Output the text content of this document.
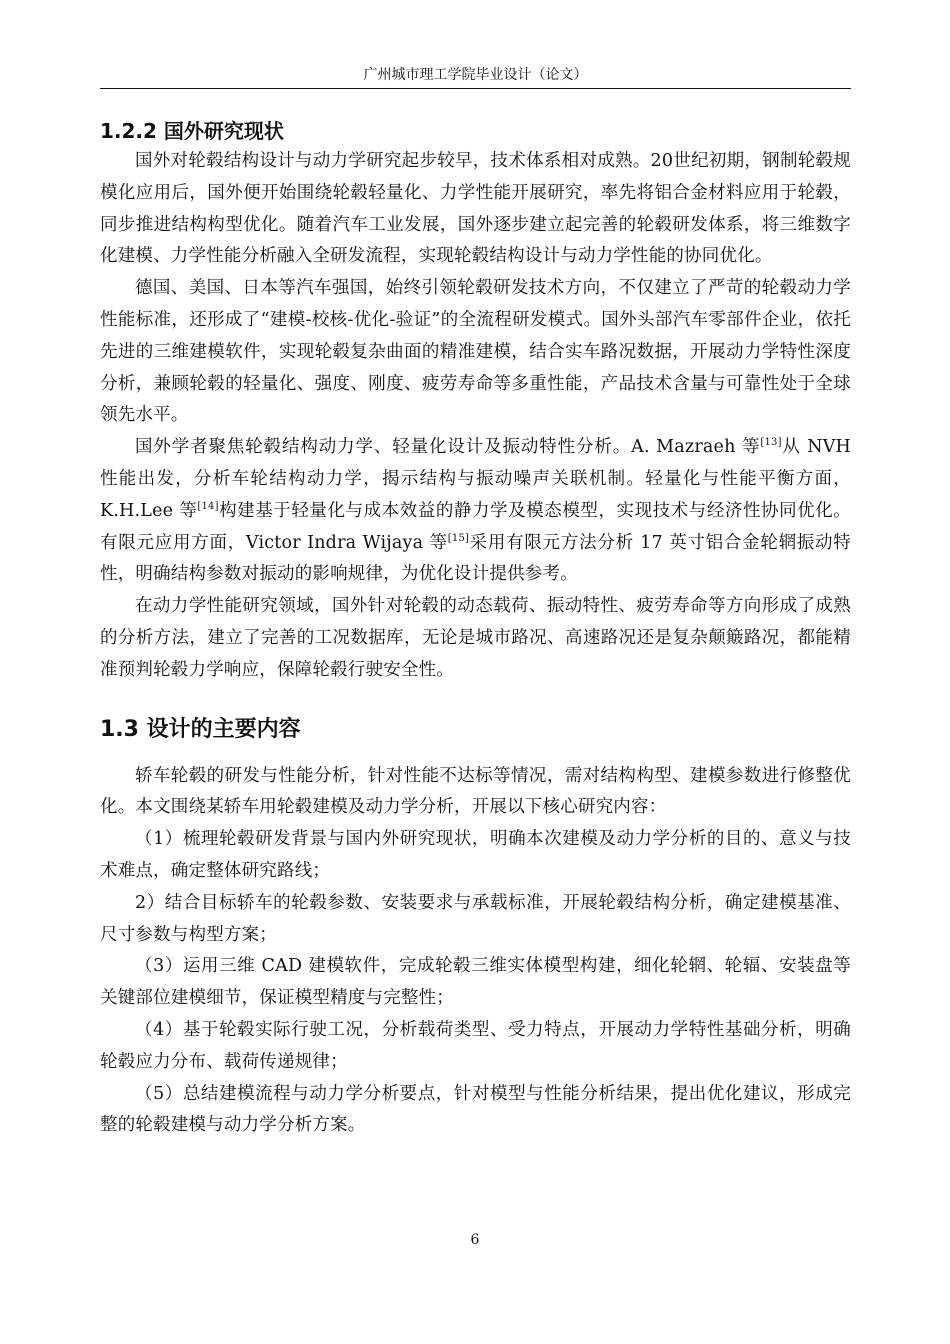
广州城市理工学院毕业设计（论文）
1.2.2 国外研究现状

国外对轮毂结构设计与动力学研究起步较早，技术体系相对成熟。20世纪初期，钢制轮毂规模化应用后，国外便开始围绕轮毂轻量化、力学性能开展研究，率先将铝合金材料应用于轮毂，同步推进结构构型优化。随着汽车工业发展，国外逐步建立起完善的轮毂研发体系，将三维数字化建模、力学性能分析融入全研发流程，实现轮毂结构设计与动力学性能的协同优化。

德国、美国、日本等汽车强国，始终引领轮毂研发技术方向，不仅建立了严苛的轮毂动力学性能标准，还形成了“建模-校核-优化-验证”的全流程研发模式。国外头部汽车零部件企业，依托先进的三维建模软件，实现轮毂复杂曲面的精准建模，结合实车路况数据，开展动力学特性深度分析，兼顾轮毂的轻量化、强度、刚度、疲劳寿命等多重性能，产品技术含量与可靠性处于全球领先水平。

国外学者聚焦轮毂结构动力学、轻量化设计及振动特性分析。A. Mazraeh 等[13]从 NVH 性能出发，分析车轮结构动力学，揭示结构与振动噪声关联机制。轻量化与性能平衡方面，K.H.Lee 等[14]构建基于轻量化与成本效益的静力学及模态模型，实现技术与经济性协同优化。有限元应用方面，Victor Indra Wijaya 等[15]采用有限元方法分析 17 英寸铝合金轮辋振动特性，明确结构参数对振动的影响规律，为优化设计提供参考。

在动力学性能研究领域，国外针对轮毂的动态载荷、振动特性、疲劳寿命等方向形成了成熟的分析方法，建立了完善的工况数据库，无论是城市路况、高速路况还是复杂颠簸路况，都能精准预判轮毂力学响应，保障轮毂行驶安全性。

1.3 设计的主要内容

轿车轮毂的研发与性能分析，针对性能不达标等情况，需对结构构型、建模参数进行修整优化。本文围绕某轿车用轮毂建模及动力学分析，开展以下核心研究内容：

（1）梳理轮毂研发背景与国内外研究现状，明确本次建模及动力学分析的目的、意义与技术难点，确定整体研究路线；

2）结合目标轿车的轮毂参数、安装要求与承载标准，开展轮毂结构分析，确定建模基准、尺寸参数与构型方案；

（3）运用三维 CAD 建模软件，完成轮毂三维实体模型构建，细化轮辋、轮辐、安装盘等关键部位建模细节，保证模型精度与完整性；

（4）基于轮毂实际行驶工况，分析载荷类型、受力特点，开展动力学特性基础分析，明确轮毂应力分布、载荷传递规律；

（5）总结建模流程与动力学分析要点，针对模型与性能分析结果，提出优化建议，形成完整的轮毂建模与动力学分析方案。

6
